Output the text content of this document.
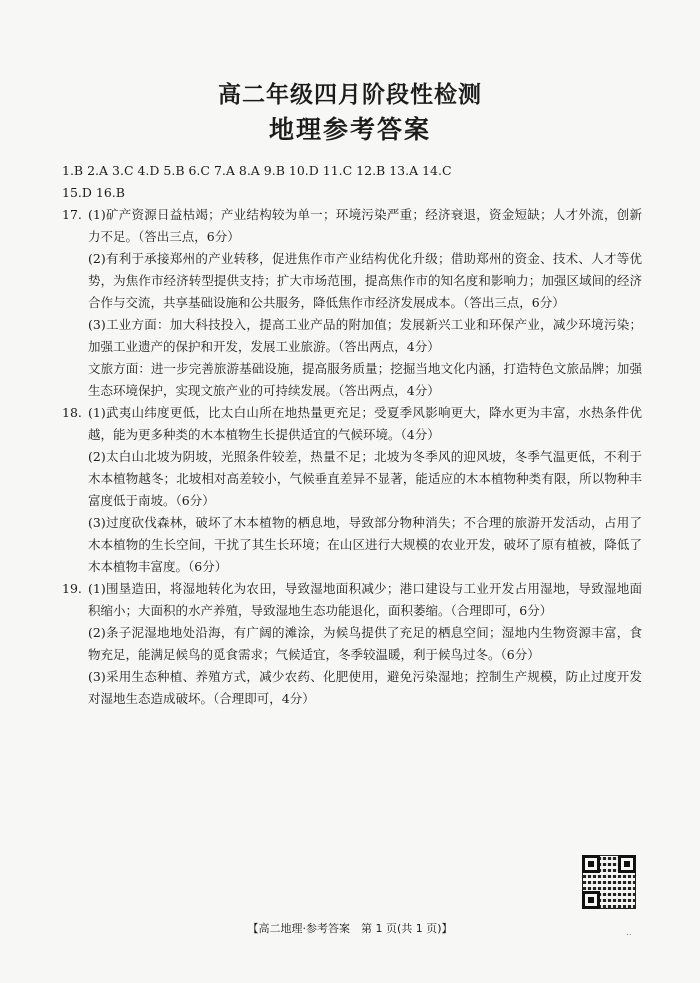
高二年级四月阶段性检测
地理参考答案
1.B 2.A 3.C 4.D 5.B 6.C 7.A 8.A 9.B 10.D 11.C 12.B 13.A 14.C
15.D 16.B
17. (1)矿产资源日益枯竭；产业结构较为单一；环境污染严重；经济衰退，资金短缺；人才外流，创新力不足。（答出三点，6分）
(2)有利于承接郑州的产业转移，促进焦作市产业结构优化升级；借助郑州的资金、技术、人才等优势，为焦作市经济转型提供支持；扩大市场范围，提高焦作市的知名度和影响力；加强区域间的经济合作与交流，共享基础设施和公共服务，降低焦作市经济发展成本。（答出三点，6分）
(3)工业方面：加大科技投入，提高工业产品的附加值；发展新兴工业和环保产业，减少环境污染；加强工业遗产的保护和开发，发展工业旅游。（答出两点，4分）
文旅方面：进一步完善旅游基础设施，提高服务质量；挖掘当地文化内涵，打造特色文旅品牌；加强生态环境保护，实现文旅产业的可持续发展。（答出两点，4分）
18. (1)武夷山纬度更低，比太白山所在地热量更充足；受夏季风影响更大，降水更为丰富，水热条件优越，能为更多种类的木本植物生长提供适宜的气候环境。（4分）
(2)太白山北坡为阴坡，光照条件较差，热量不足；北坡为冬季风的迎风坡，冬季气温更低，不利于木本植物越冬；北坡相对高差较小，气候垂直差异不显著，能适应的木本植物种类有限，所以物种丰富度低于南坡。（6分）
(3)过度砍伐森林，破坏了木本植物的栖息地，导致部分物种消失；不合理的旅游开发活动，占用了木本植物的生长空间，干扰了其生长环境；在山区进行大规模的农业开发，破坏了原有植被，降低了木本植物丰富度。（6分）
19. (1)围垦造田，将湿地转化为农田，导致湿地面积减少；港口建设与工业开发占用湿地，导致湿地面积缩小；大面积的水产养殖，导致湿地生态功能退化，面积萎缩。（合理即可，6分）
(2)条子泥湿地地处沿海，有广阔的滩涂，为候鸟提供了充足的栖息空间；湿地内生物资源丰富，食物充足，能满足候鸟的觅食需求；气候适宜，冬季较温暖，利于候鸟过冬。（6分）
(3)采用生态种植、养殖方式，减少农药、化肥使用，避免污染湿地；控制生产规模，防止过度开发对湿地生态造成破坏。（合理即可，4分）
【高二地理·参考答案　第 1 页(共 1 页)】	..
